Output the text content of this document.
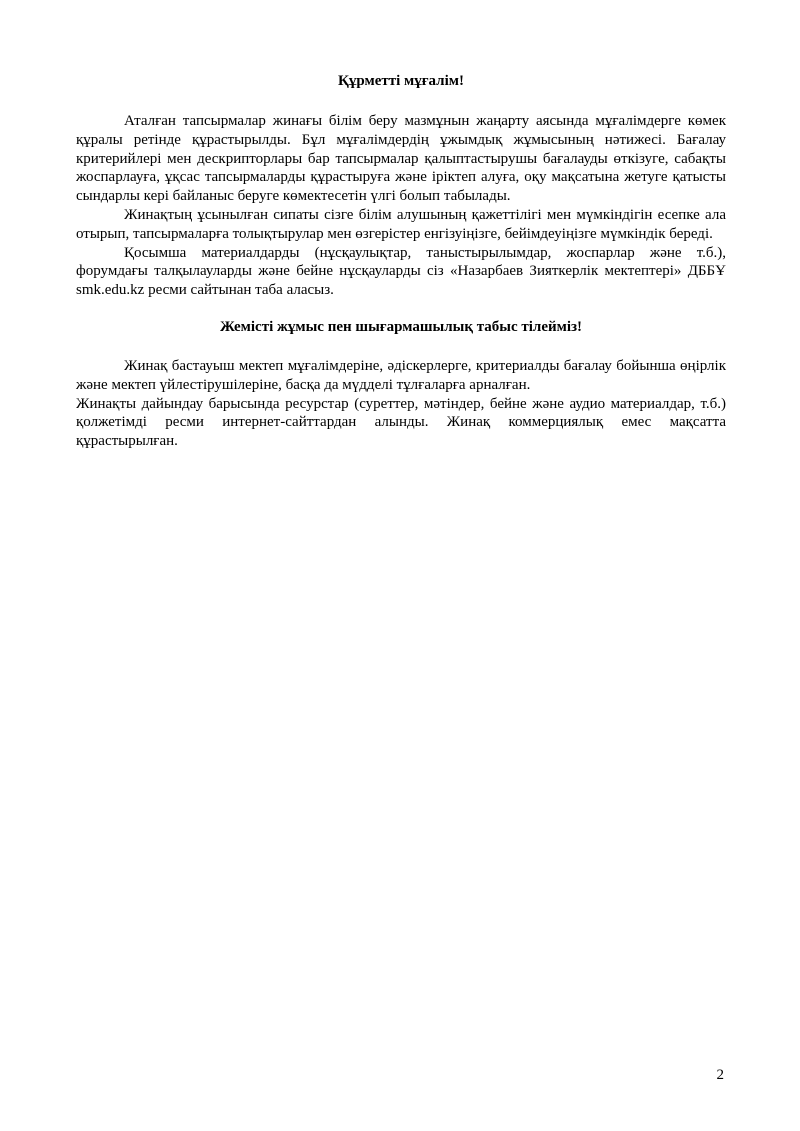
Құрметті мұғалім!

Аталған тапсырмалар жинағы білім беру мазмұнын жаңарту аясында мұғалімдерге көмек құралы ретінде құрастырылды. Бұл мұғалімдердің ұжымдық жұмысының нәтижесі. Бағалау критерийлері мен дескрипторлары бар тапсырмалар қалыптастырушы бағалауды өткізуге, сабақты жоспарлауға, ұқсас тапсырмаларды құрастыруға және іріктеп алуға, оқу мақсатына жетуге қатысты сындарлы кері байланыс беруге көмектесетін үлгі болып табылады.

Жинақтың ұсынылған сипаты сізге білім алушының қажеттілігі мен мүмкіндігін есепке ала отырып, тапсырмаларға толықтырулар мен өзгерістер енгізуіңізге, бейімдеуіңізге мүмкіндік береді.

Қосымша материалдарды (нұсқаулықтар, таныстырылымдар, жоспарлар және т.б.), форумдағы талқылауларды және бейне нұсқауларды сіз «Назарбаев Зияткерлік мектептері» ДББҰ smk.edu.kz ресми сайтынан таба аласыз.

Жемісті жұмыс пен шығармашылық табыс тілейміз!

Жинақ бастауыш мектеп мұғалімдеріне, әдіскерлерге, критериалды бағалау бойынша өңірлік және мектеп үйлестірушілеріне, басқа да мүдделі тұлғаларға арналған.

Жинақты дайындау барысында ресурстар (суреттер, мәтіндер, бейне және аудио материалдар, т.б.) қолжетімді ресми интернет-сайттардан алынды. Жинақ коммерциялық емес мақсатта құрастырылған.

2
